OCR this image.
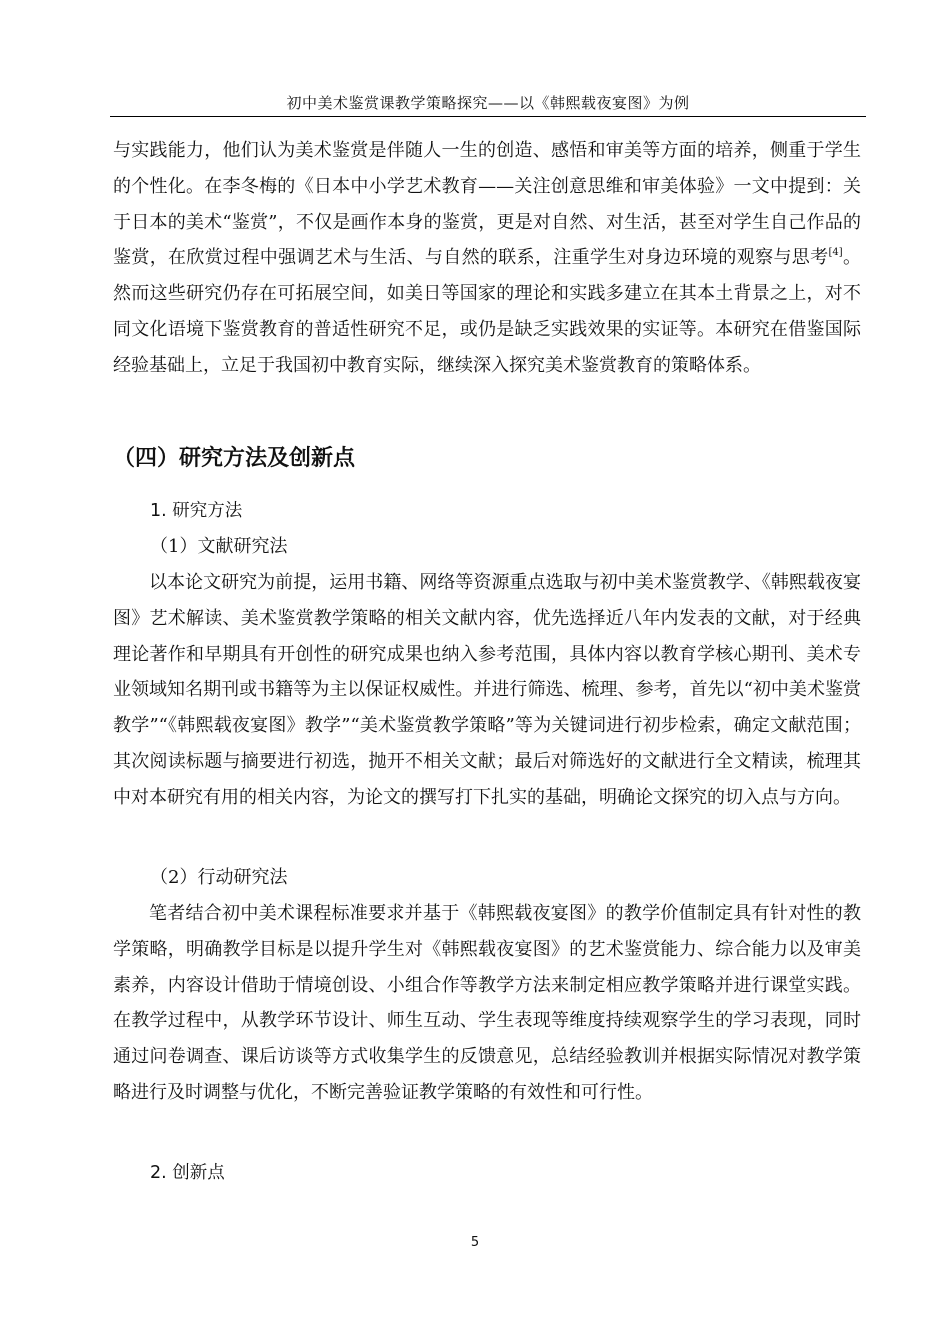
初中美术鉴赏课教学策略探究——以《韩熙载夜宴图》为例

与实践能力，他们认为美术鉴赏是伴随人一生的创造、感悟和审美等方面的培养，侧重于学生的个性化。在李冬梅的《日本中小学艺术教育——关注创意思维和审美体验》一文中提到：关于日本的美术“鉴赏”，不仅是画作本身的鉴赏，更是对自然、对生活，甚至对学生自己作品的鉴赏，在欣赏过程中强调艺术与生活、与自然的联系，注重学生对身边环境的观察与思考[4]。然而这些研究仍存在可拓展空间，如美日等国家的理论和实践多建立在其本土背景之上，对不同文化语境下鉴赏教育的普适性研究不足，或仍是缺乏实践效果的实证等。本研究在借鉴国际经验基础上，立足于我国初中教育实际，继续深入探究美术鉴赏教育的策略体系。

（四）研究方法及创新点
1. 研究方法
（1）文献研究法

以本论文研究为前提，运用书籍、网络等资源重点选取与初中美术鉴赏教学、《韩熙载夜宴图》艺术解读、美术鉴赏教学策略的相关文献内容，优先选择近八年内发表的文献，对于经典理论著作和早期具有开创性的研究成果也纳入参考范围，具体内容以教育学核心期刊、美术专业领域知名期刊或书籍等为主以保证权威性。并进行筛选、梳理、参考，首先以“初中美术鉴赏教学”“《韩熙载夜宴图》教学”“美术鉴赏教学策略”等为关键词进行初步检索，确定文献范围；其次阅读标题与摘要进行初选，抛开不相关文献；最后对筛选好的文献进行全文精读，梳理其中对本研究有用的相关内容，为论文的撰写打下扎实的基础，明确论文探究的切入点与方向。

（2）行动研究法

笔者结合初中美术课程标准要求并基于《韩熙载夜宴图》的教学价值制定具有针对性的教学策略，明确教学目标是以提升学生对《韩熙载夜宴图》的艺术鉴赏能力、综合能力以及审美素养，内容设计借助于情境创设、小组合作等教学方法来制定相应教学策略并进行课堂实践。在教学过程中，从教学环节设计、师生互动、学生表现等维度持续观察学生的学习表现，同时通过问卷调查、课后访谈等方式收集学生的反馈意见，总结经验教训并根据实际情况对教学策略进行及时调整与优化，不断完善验证教学策略的有效性和可行性。

2. 创新点
5
